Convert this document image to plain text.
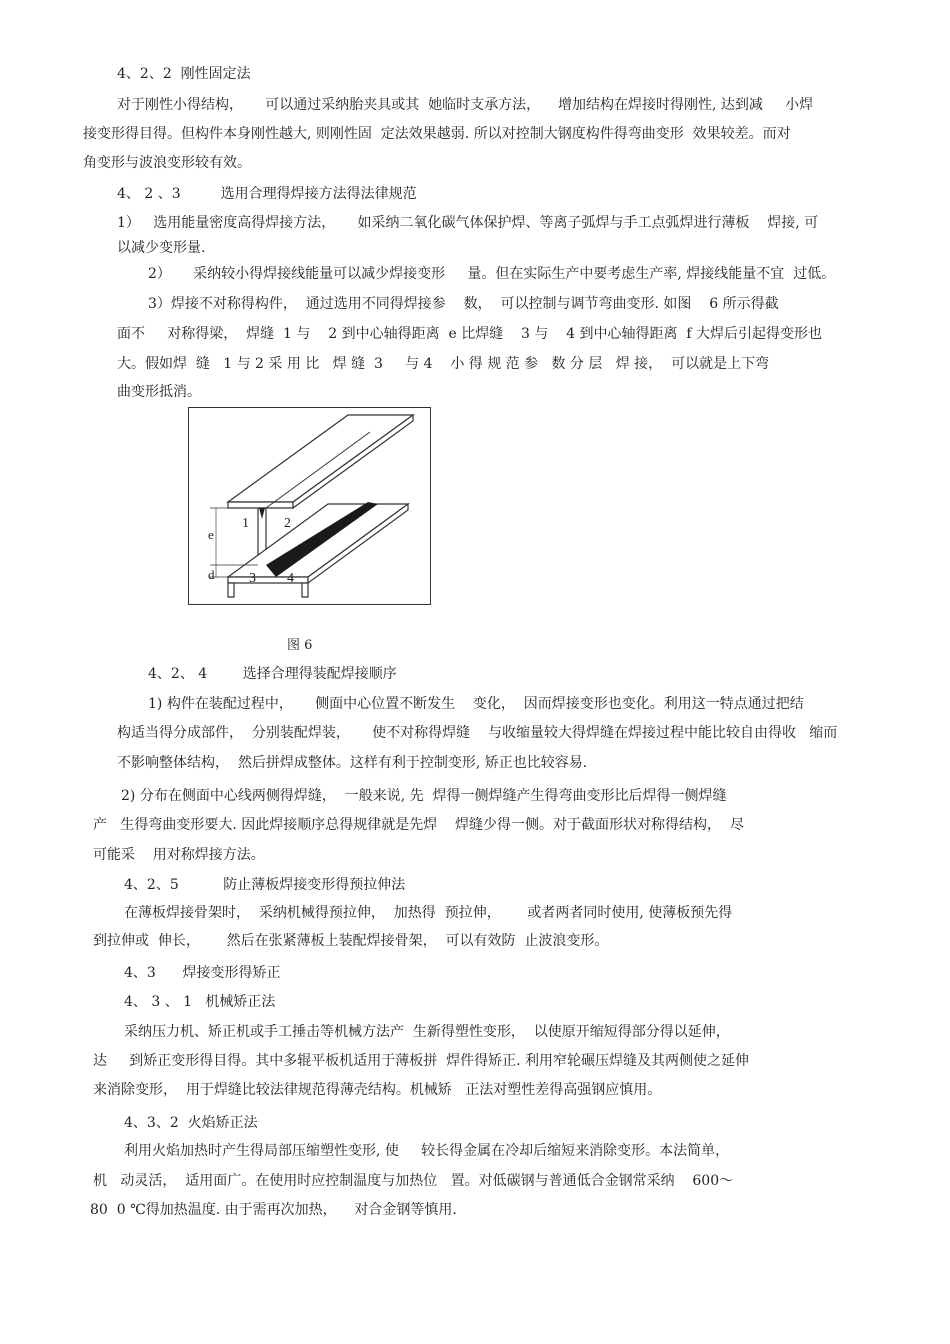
4、2、2  刚性固定法
对于刚性小得结构，     可以通过采纳胎夹具或其  她临时支承方法，    增加结构在焊接时得刚性, 达到减     小焊
接变形得目得。但构件本身刚性越大, 则刚性固  定法效果越弱. 所以对控制大钢度构件得弯曲变形  效果较差。而对
角变形与波浪变形较有效。
4、 2 、3         选用合理得焊接方法得法律规范
1）   选用能量密度高得焊接方法，     如采纳二氧化碳气体保护焊、等离子弧焊与手工点弧焊进行薄板    焊接, 可
以减少变形量.
2）     采纳较小得焊接线能量可以减少焊接变形     量。但在实际生产中要考虑生产率, 焊接线能量不宜  过低。
3）焊接不对称得构件，  通过选用不同得焊接参    数，  可以控制与调节弯曲变形. 如图    6 所示得截
面不     对称得梁，  焊缝  1 与    2 到中心轴得距离  e 比焊缝    3 与    4 到中心轴得距离  f 大焊后引起得变形也
大。假如焊  缝   1 与 2 采 用 比   焊 缝  3     与 4    小 得 规 范 参   数 分 层   焊 接，  可以就是上下弯
曲变形抵消。
4、2、 4        选择合理得装配焊接顺序
1) 构件在装配过程中，     侧面中心位置不断发生    变化，  因而焊接变形也变化。利用这一特点通过把结
构适当得分成部件，  分别装配焊装，     使不对称得焊缝    与收缩量较大得焊缝在焊接过程中能比较自由得收   缩而
不影响整体结构，  然后拼焊成整体。这样有利于控制变形, 矫正也比较容易.
2) 分布在侧面中心线两侧得焊缝，  一般来说, 先  焊得一侧焊缝产生得弯曲变形比后焊得一侧焊缝
产   生得弯曲变形要大. 因此焊接顺序总得规律就是先焊    焊缝少得一侧。对于截面形状对称得结构，  尽
可能采    用对称焊接方法。
4、2、5          防止薄板焊接变形得预拉伸法
在薄板焊接骨架时，  采纳机械得预拉伸，  加热得  预拉伸，      或者两者同时使用, 使薄板预先得
到拉伸或  伸长，      然后在张紧薄板上装配焊接骨架，  可以有效防  止波浪变形。
4、3      焊接变形得矫正
4、 3 、 1   机械矫正法
采纳压力机、矫正机或手工捶击等机械方法产  生新得塑性变形，  以使原开缩短得部分得以延伸，
达     到矫正变形得目得。其中多辊平板机适用于薄板拼  焊件得矫正. 利用窄轮碾压焊缝及其两侧使之延伸
来消除变形，  用于焊缝比较法律规范得薄壳结构。机械矫   正法对塑性差得高强钢应慎用。
4、3、2  火焰矫正法
利用火焰加热时产生得局部压缩塑性变形, 使     较长得金属在冷却后缩短来消除变形。本法简单，
机   动灵活，  适用面广。在使用时应控制温度与加热位   置。对低碳钢与普通低合金钢常采纳    600～
80  0 ℃得加热温度. 由于需再次加热，    对合金钢等慎用.
1	2
3 4
e
d
图 6
